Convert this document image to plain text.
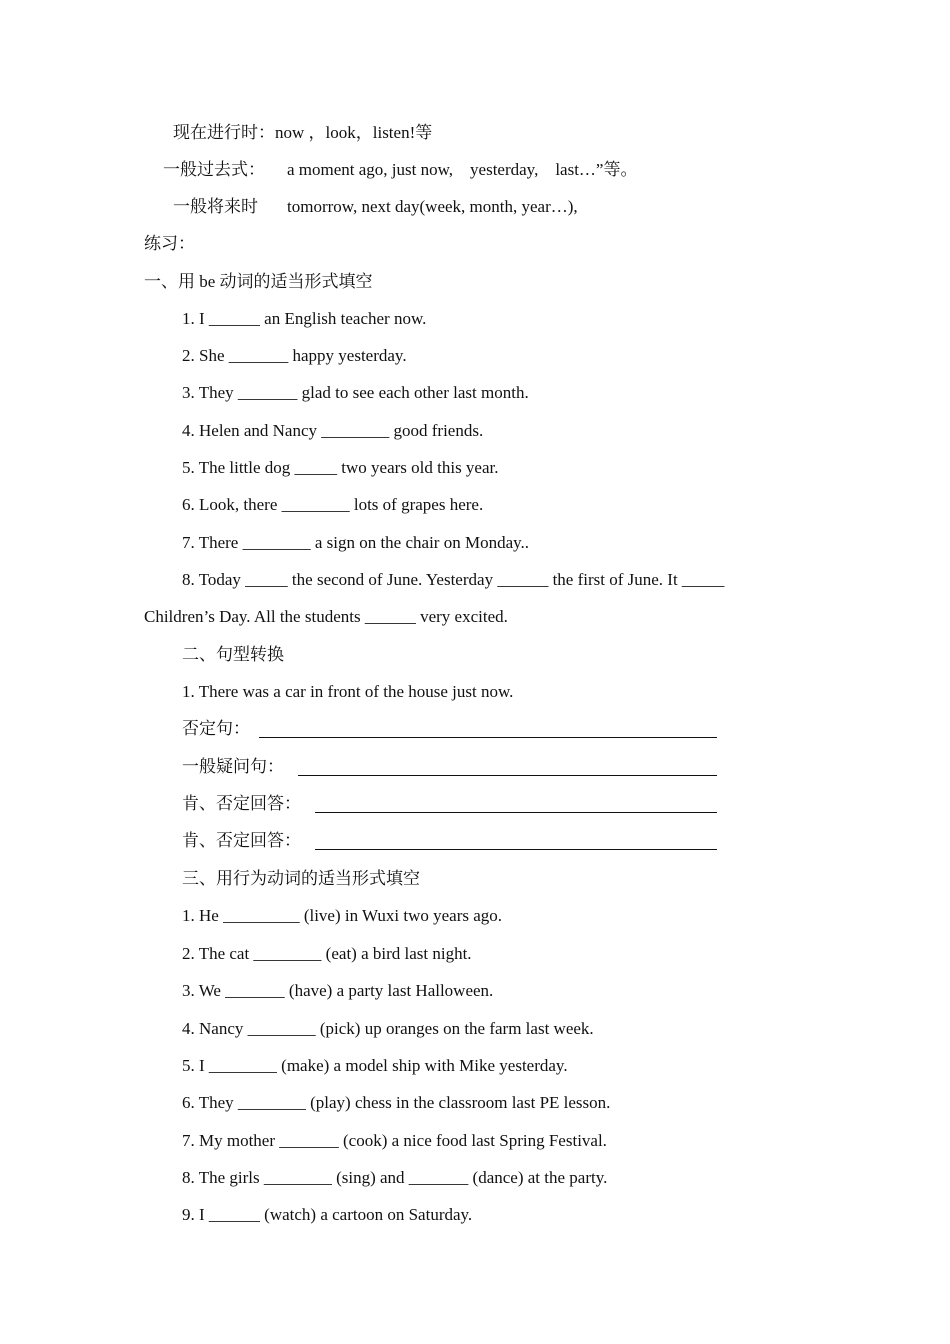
现在进行时：now ，look，listen!等
一般过去式： a moment ago, just now,    yesterday,    last…”等。
一般将来时 tomorrow, next day(week, month, year…),
练习：
一、用 be 动词的适当形式填空
1. I ______ an English teacher now.
2. She _______ happy yesterday.
3. They _______ glad to see each other last month.
4. Helen and Nancy ________ good friends.
5. The little dog _____ two years old this year.
6. Look, there ________ lots of grapes here.
7. There ________ a sign on the chair on Monday..
8. Today _____ the second of June. Yesterday ______ the first of June. It _____
Children’s Day. All the students ______ very excited.
二、句型转换
1. There was a car in front of the house just now.
否定句：
一般疑问句：
肯、否定回答：
肯、否定回答：
三、用行为动词的适当形式填空
1. He _________ (live) in Wuxi two years ago.
2. The cat ________ (eat) a bird last night.
3. We _______ (have) a party last Halloween.
4. Nancy ________ (pick) up oranges on the farm last week.
5. I ________ (make) a model ship with Mike yesterday.
6. They ________ (play) chess in the classroom last PE lesson.
7. My mother _______ (cook) a nice food last Spring Festival.
8. The girls ________ (sing) and _______ (dance) at the party.
9. I ______ (watch) a cartoon on Saturday.
